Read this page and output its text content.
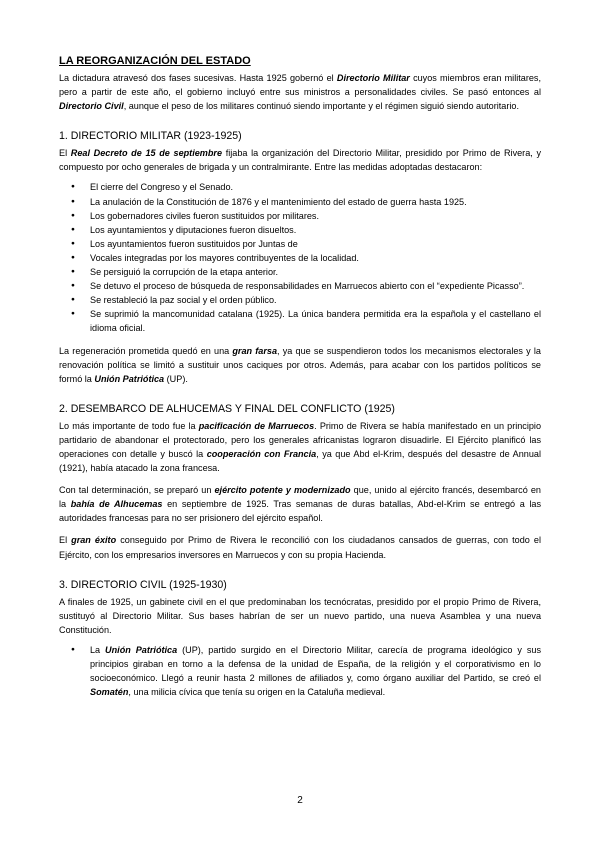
LA REORGANIZACIÓN DEL ESTADO

La dictadura atravesó dos fases sucesivas. Hasta 1925 gobernó el Directorio Militar cuyos miembros eran militares, pero a partir de este año, el gobierno incluyó entre sus ministros a personalidades civiles. Se pasó entonces al Directorio Civil, aunque el peso de los militares continuó siendo importante y el régimen siguió siendo autoritario.

1. DIRECTORIO MILITAR (1923-1925)

El Real Decreto de 15 de septiembre fijaba la organización del Directorio Militar, presidido por Primo de Rivera, y compuesto por ocho generales de brigada y un contralmirante. Entre las medidas adoptadas destacaron:

● El cierre del Congreso y el Senado.
● La anulación de la Constitución de 1876 y el mantenimiento del estado de guerra hasta 1925.
● Los gobernadores civiles fueron sustituidos por militares.
● Los ayuntamientos y diputaciones fueron disueltos.
● Los ayuntamientos fueron sustituidos por Juntas de
● Vocales integradas por los mayores contribuyentes de la localidad.
● Se persiguió la corrupción de la etapa anterior.
● Se detuvo el proceso de búsqueda de responsabilidades en Marruecos abierto con el “expediente Picasso”.
● Se restableció la paz social y el orden público.
● Se suprimió la mancomunidad catalana (1925). La única bandera permitida era la española y el castellano el idioma oficial.

La regeneración prometida quedó en una gran farsa, ya que se suspendieron todos los mecanismos electorales y la renovación política se limitó a sustituir unos caciques por otros. Además, para acabar con los partidos políticos se formó la Unión Patriótica (UP).

2. DESEMBARCO DE ALHUCEMAS Y FINAL DEL CONFLICTO (1925)

Lo más importante de todo fue la pacificación de Marruecos. Primo de Rivera se había manifestado en un principio partidario de abandonar el protectorado, pero los generales africanistas lograron disuadirle. El Ejército planificó las operaciones con detalle y buscó la cooperación con Francia, ya que Abd el-Krim, después del desastre de Annual (1921), había atacado la zona francesa.

Con tal determinación, se preparó un ejército potente y modernizado que, unido al ejército francés, desembarcó en la bahía de Alhucemas en septiembre de 1925. Tras semanas de duras batallas, Abd-el-Krim se entregó a las autoridades francesas para no ser prisionero del ejército español.

El gran éxito conseguido por Primo de Rivera le reconcilió con los ciudadanos cansados de guerras, con todo el Ejército, con los empresarios inversores en Marruecos y con su propia Hacienda.

3. DIRECTORIO CIVIL (1925-1930)

A finales de 1925, un gabinete civil en el que predominaban los tecnócratas, presidido por el propio Primo de Rivera, sustituyó al Directorio Militar. Sus bases habrían de ser un nuevo partido, una nueva Asamblea y una nueva Constitución.

● La Unión Patriótica (UP), partido surgido en el Directorio Militar, carecía de programa ideológico y sus principios giraban en torno a la defensa de la unidad de España, de la religión y el corporativismo en lo socioeconómico. Llegó a reunir hasta 2 millones de afiliados y, como órgano auxiliar del Partido, se creó el Somatén, una milicia cívica que tenía su origen en la Cataluña medieval.
2
